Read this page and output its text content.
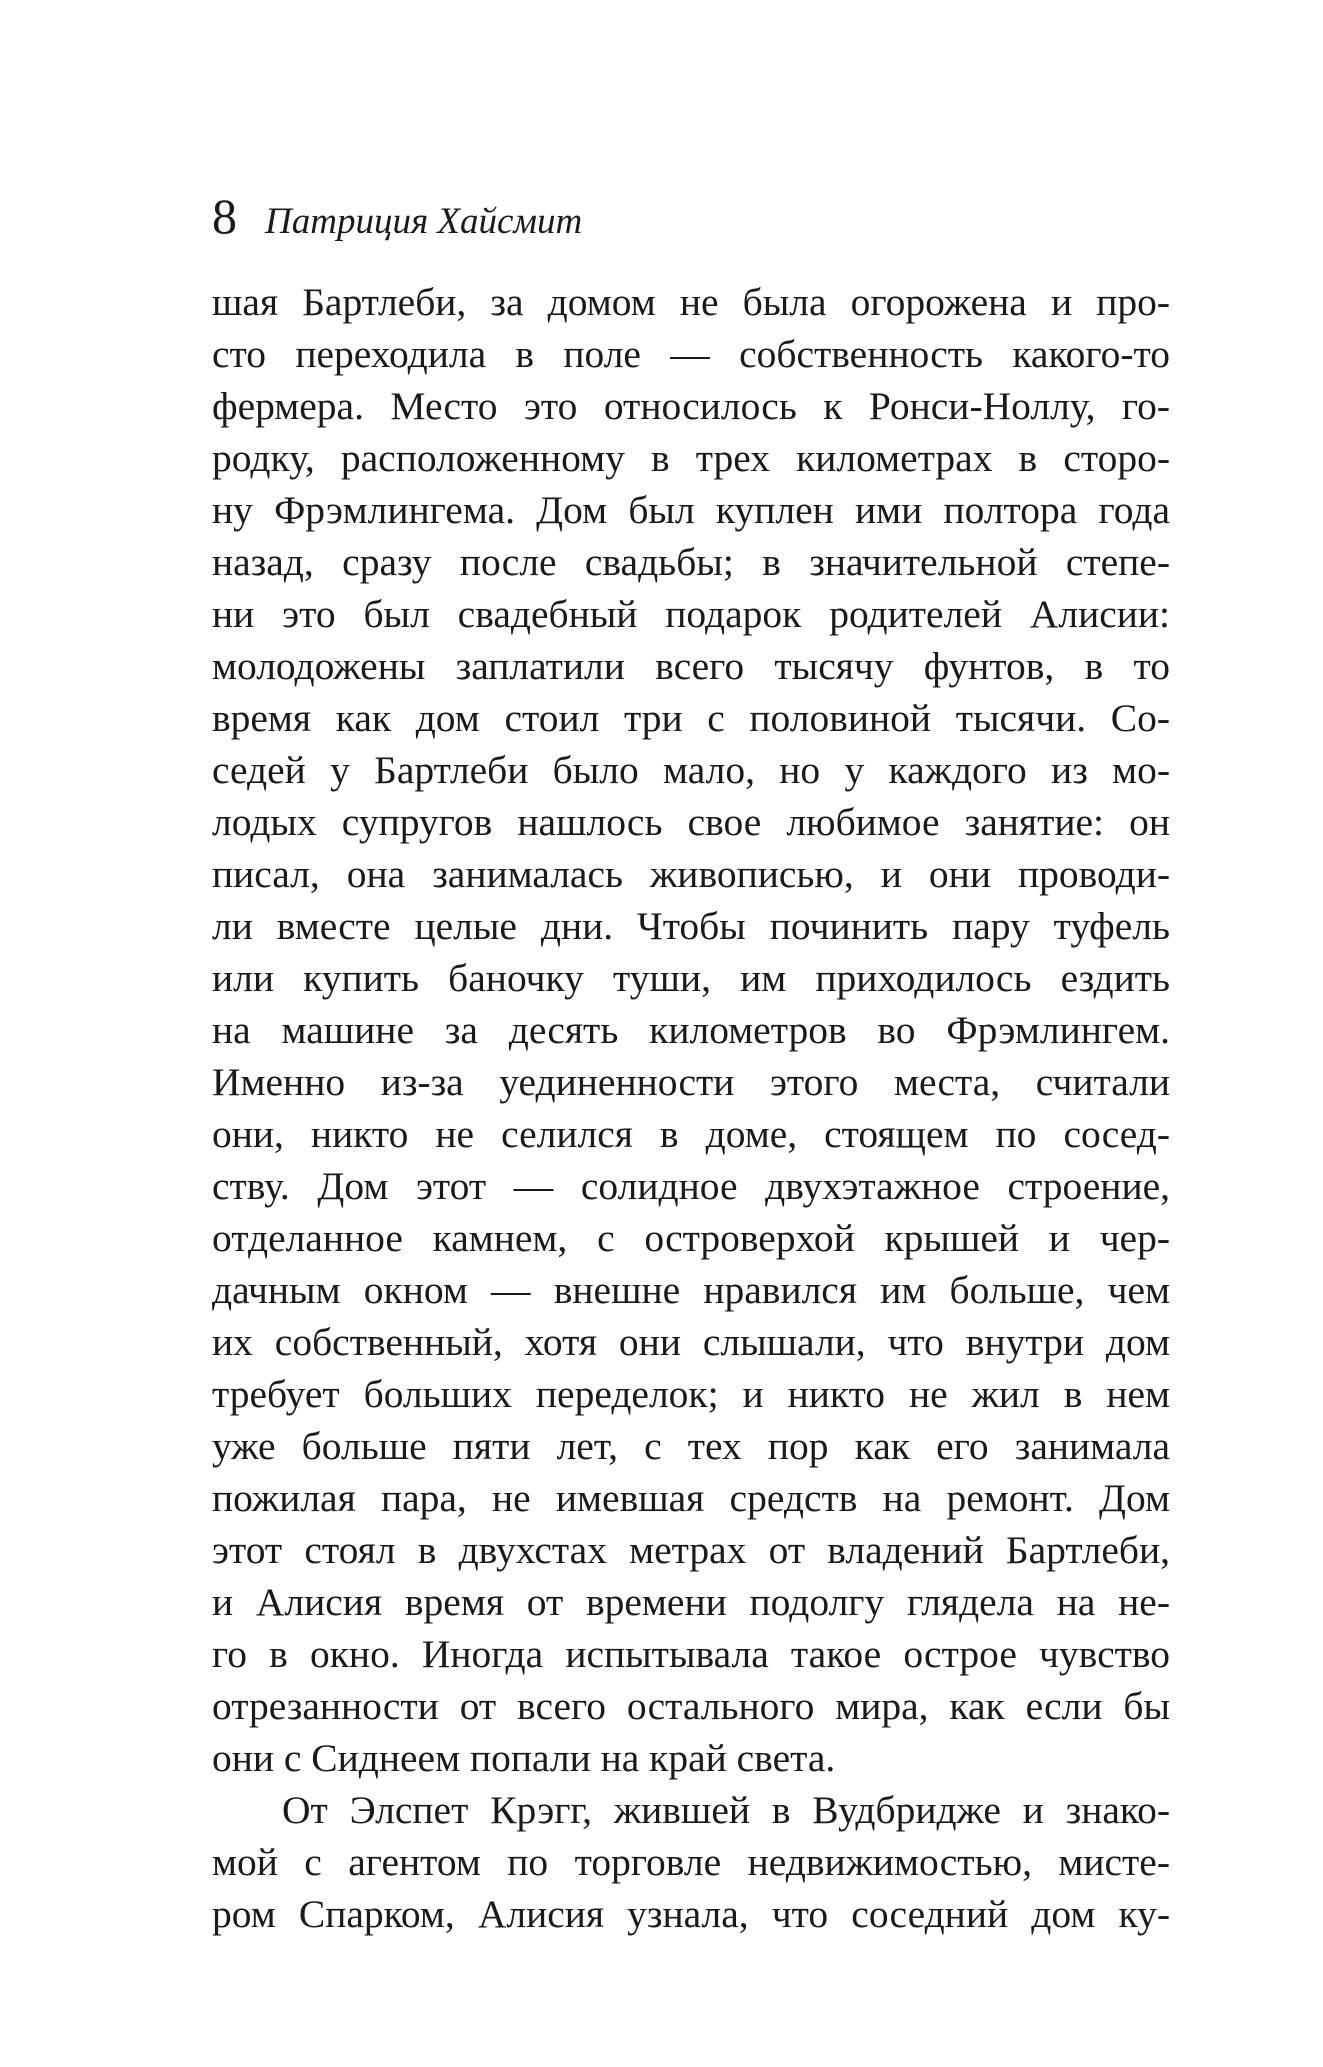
8 Патриция Хайсмит
шая Бартлеби, за домом не была огорожена и про-
сто переходила в поле — собственность какого-то
фермера. Место это относилось к Ронси-Ноллу, го-
родку, расположенному в трех километрах в сторо-
ну Фрэмлингема. Дом был куплен ими полтора года
назад, сразу после свадьбы; в значительной степе-
ни это был свадебный подарок родителей Алисии:
молодожены заплатили всего тысячу фунтов, в то
время как дом стоил три с половиной тысячи. Со-
седей у Бартлеби было мало, но у каждого из мо-
лодых супругов нашлось свое любимое занятие: он
писал, она занималась живописью, и они проводи-
ли вместе целые дни. Чтобы починить пару туфель
или купить баночку туши, им приходилось ездить
на машине за десять километров во Фрэмлингем.
Именно из-за уединенности этого места, считали
они, никто не селился в доме, стоящем по сосед-
ству. Дом этот — солидное двухэтажное строение,
отделанное камнем, с островерхой крышей и чер-
дачным окном — внешне нравился им больше, чем
их собственный, хотя они слышали, что внутри дом
требует больших переделок; и никто не жил в нем
уже больше пяти лет, с тех пор как его занимала
пожилая пара, не имевшая средств на ремонт. Дом
этот стоял в двухстах метрах от владений Бартлеби,
и Алисия время от времени подолгу глядела на не-
го в окно. Иногда испытывала такое острое чувство
отрезанности от всего остального мира, как если бы
они с Сиднеем попали на край света.
От Элспет Крэгг, жившей в Вудбридже и знако-
мой с агентом по торговле недвижимостью, мисте-
ром Спарком, Алисия узнала, что соседний дом ку-
